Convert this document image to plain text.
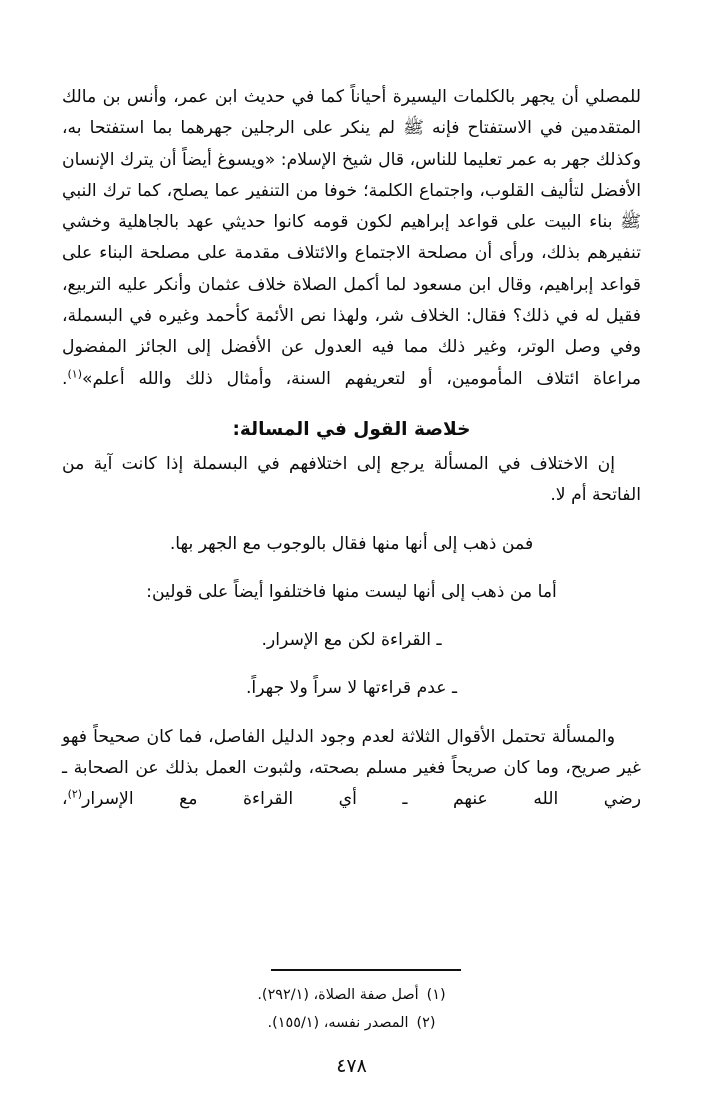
للمصلي أن يجهر بالكلمات اليسيرة أحياناً كما في حديث ابن عمر، وأنس بن مالك المتقدمين في الاستفتاح فإنه ﷺ لم ينكر على الرجلين جهرهما بما استفتحا به، وكذلك جهر به عمر تعليما للناس، قال شيخ الإسلام: «ويسوغ أيضاً أن يترك الإنسان الأفضل لتأليف القلوب، واجتماع الكلمة؛ خوفا من التنفير عما يصلح، كما ترك النبي ﷺ بناء البيت على قواعد إبراهيم لكون قومه كانوا حديثي عهد بالجاهلية وخشي تنفيرهم بذلك، ورأى أن مصلحة الاجتماع والائتلاف مقدمة على مصلحة البناء على قواعد إبراهيم، وقال ابن مسعود لما أكمل الصلاة خلاف عثمان وأنكر عليه التربيع، فقيل له في ذلك؟ فقال: الخلاف شر، ولهذا نص الأئمة كأحمد وغيره في البسملة، وفي وصل الوتر، وغير ذلك مما فيه العدول عن الأفضل إلى الجائز المفضول مراعاة ائتلاف المأمومين، أو لتعريفهم السنة، وأمثال ذلك والله أعلم»$^{(١)}$.
خلاصة القول في المسالة:
إن الاختلاف في المسألة يرجع إلى اختلافهم في البسملة إذا كانت آية من الفاتحة أم لا.
فمن ذهب إلى أنها منها فقال بالوجوب مع الجهر بها.
أما من ذهب إلى أنها ليست منها فاختلفوا أيضاً على قولين:
ـ القراءة لكن مع الإسرار.
ـ عدم قراءتها لا سراً ولا جهراً.
والمسألة تحتمل الأقوال الثلاثة لعدم وجود الدليل الفاصل، فما كان صحيحاً فهو غير صريح، وما كان صريحاً فغير مسلم بصحته، ولثبوت العمل بذلك عن الصحابة ـ رضي الله عنهم ـ أي القراءة مع الإسرار$^{(٢)}$،
(١)
أصل صفة الصلاة، (٢٩٢/١).
(٢)
المصدر نفسه، (١٥٥/١).
٤٧٨
